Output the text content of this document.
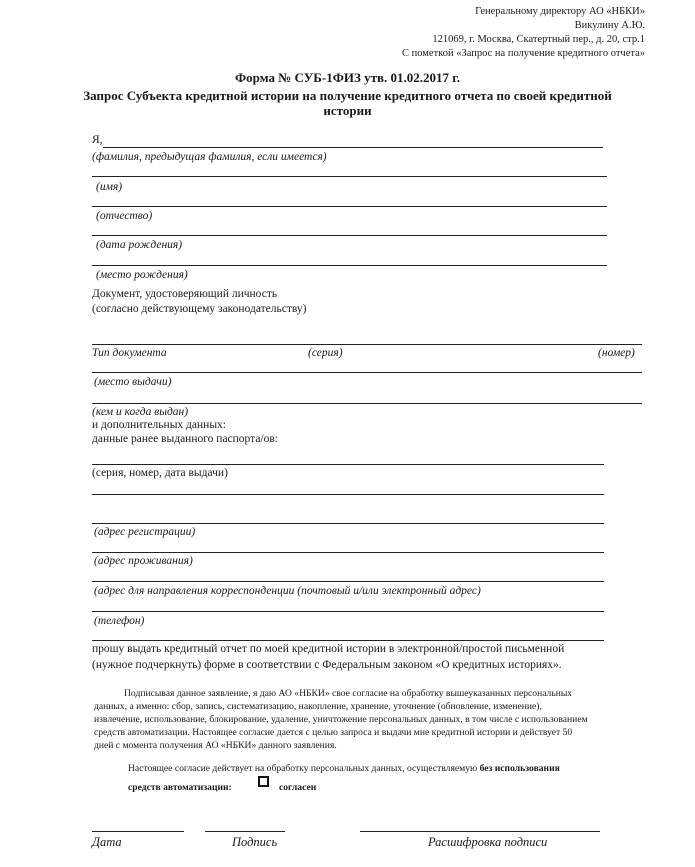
Генеральному директору АО «НБКИ»
Викулину А.Ю.
121069, г. Москва, Скатертный пер., д. 20, стр.1
С пометкой «Запрос на получение кредитного отчета»
Форма № СУБ-1ФИЗ утв. 01.02.2017 г.
Запрос Субъекта кредитной истории на получение кредитного отчета по своей кредитной
истории
Я,
(фамилия, предыдущая фамилия, если имеется)
(имя)
(отчество)
(дата рождения)
(место рождения)
Документ, удостоверяющий личность
(согласно действующему законодательству)
Тип документа	(серия)	(номер)
(место выдачи)
(кем и когда выдан)
и дополнительных данных:
данные ранее выданного паспорта/ов:
(серия, номер, дата выдачи)
(адрес регистрации)
(адрес проживания)
(адрес для направления корреспонденции (почтовый и/или электронный адрес)
(телефон)
прошу выдать кредитный отчет по моей кредитной истории в электронной/простой письменной
(нужное подчеркнуть) форме в соответствии с Федеральным законом «О кредитных историях».
Подписывая данное заявление, я даю АО «НБКИ» свое согласие на обработку вышеуказанных персональных
данных, а именно: сбор, запись, систематизацию, накопление, хранение, уточнение (обновление, изменение),
извлечение, использование, блокирование, удаление, уничтожение персональных данных, в том числе с использованием
средств автоматизации. Настоящее согласие дается с целью запроса и выдачи мне кредитной истории и действует 50
дней с момента получения АО «НБКИ» данного заявления.
Настоящее согласие действует на обработку персональных данных, осуществляемую без использования
средств автоматизации:	согласен
Дата	Подпись	Расшифровка подписи
